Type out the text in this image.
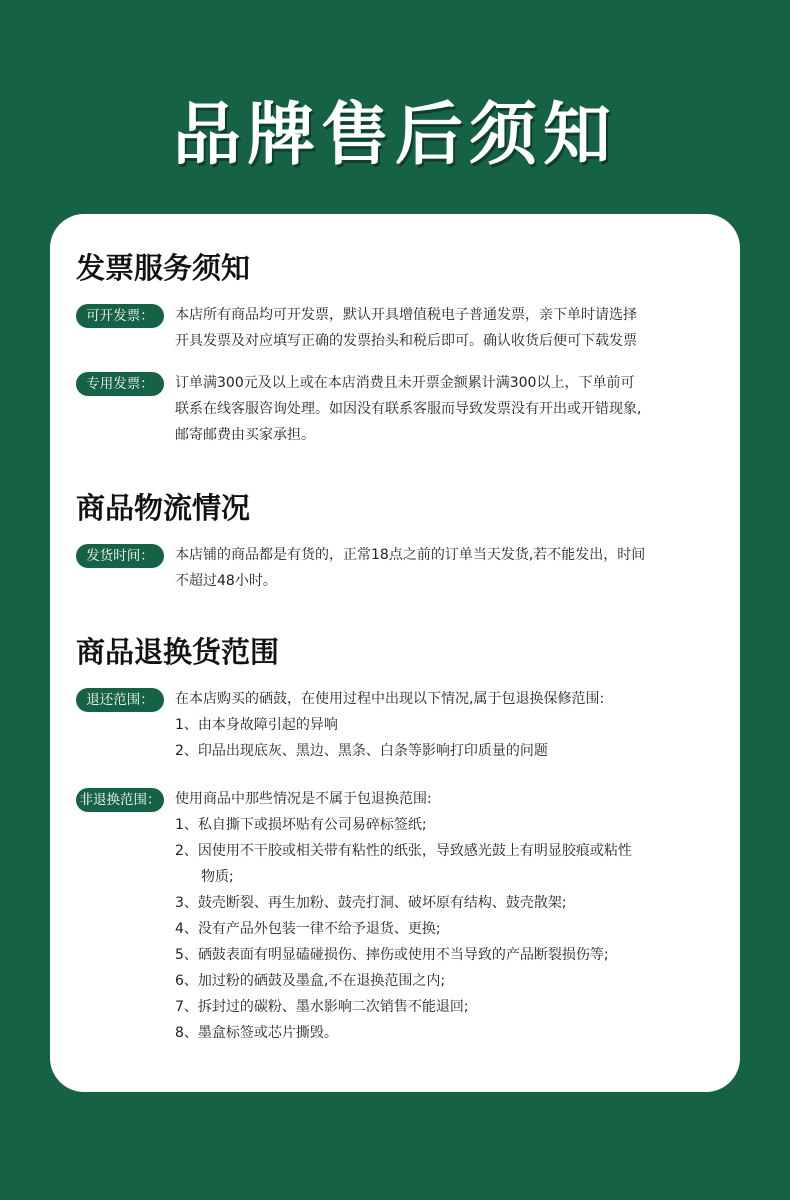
品牌售后须知
发票服务须知
可开发票：	本店所有商品均可开发票，默认开具增值税电子普通发票，亲下单时请选择

开具发票及对应填写正确的发票抬头和税后即可。确认收货后便可下载发票

专用发票：	订单满300元及以上或在本店消费且未开票金额累计满300以上，下单前可

联系在线客服咨询处理。如因没有联系客服而导致发票没有开出或开错现象,

邮寄邮费由买家承担。

商品物流情况
发货时间：	本店铺的商品都是有货的，正常18点之前的订单当天发货,若不能发出，时间

不超过48小时。

商品退换货范围
退还范围：	在本店购买的硒鼓，在使用过程中出现以下情况,属于包退换保修范围:

1、由本身故障引起的异响

2、印品出现底灰、黑边、黑条、白条等影响打印质量的问题

非退换范围： 使用商品中那些情况是不属于包退换范围:

1、私自撕下或损坏贴有公司易碎标签纸;

2、因使用不干胶或相关带有粘性的纸张，导致感光鼓上有明显胶痕或粘性

物质;

3、鼓壳断裂、再生加粉、鼓壳打洞、破坏原有结构、鼓壳散架;

4、没有产品外包装一律不给予退货、更换;

5、硒鼓表面有明显磕碰损伤、摔伤或使用不当导致的产品断裂损伤等;

6、加过粉的硒鼓及墨盒,不在退换范围之内;

7、拆封过的碳粉、墨水影响二次销售不能退回;

8、墨盒标签或芯片撕毁。
